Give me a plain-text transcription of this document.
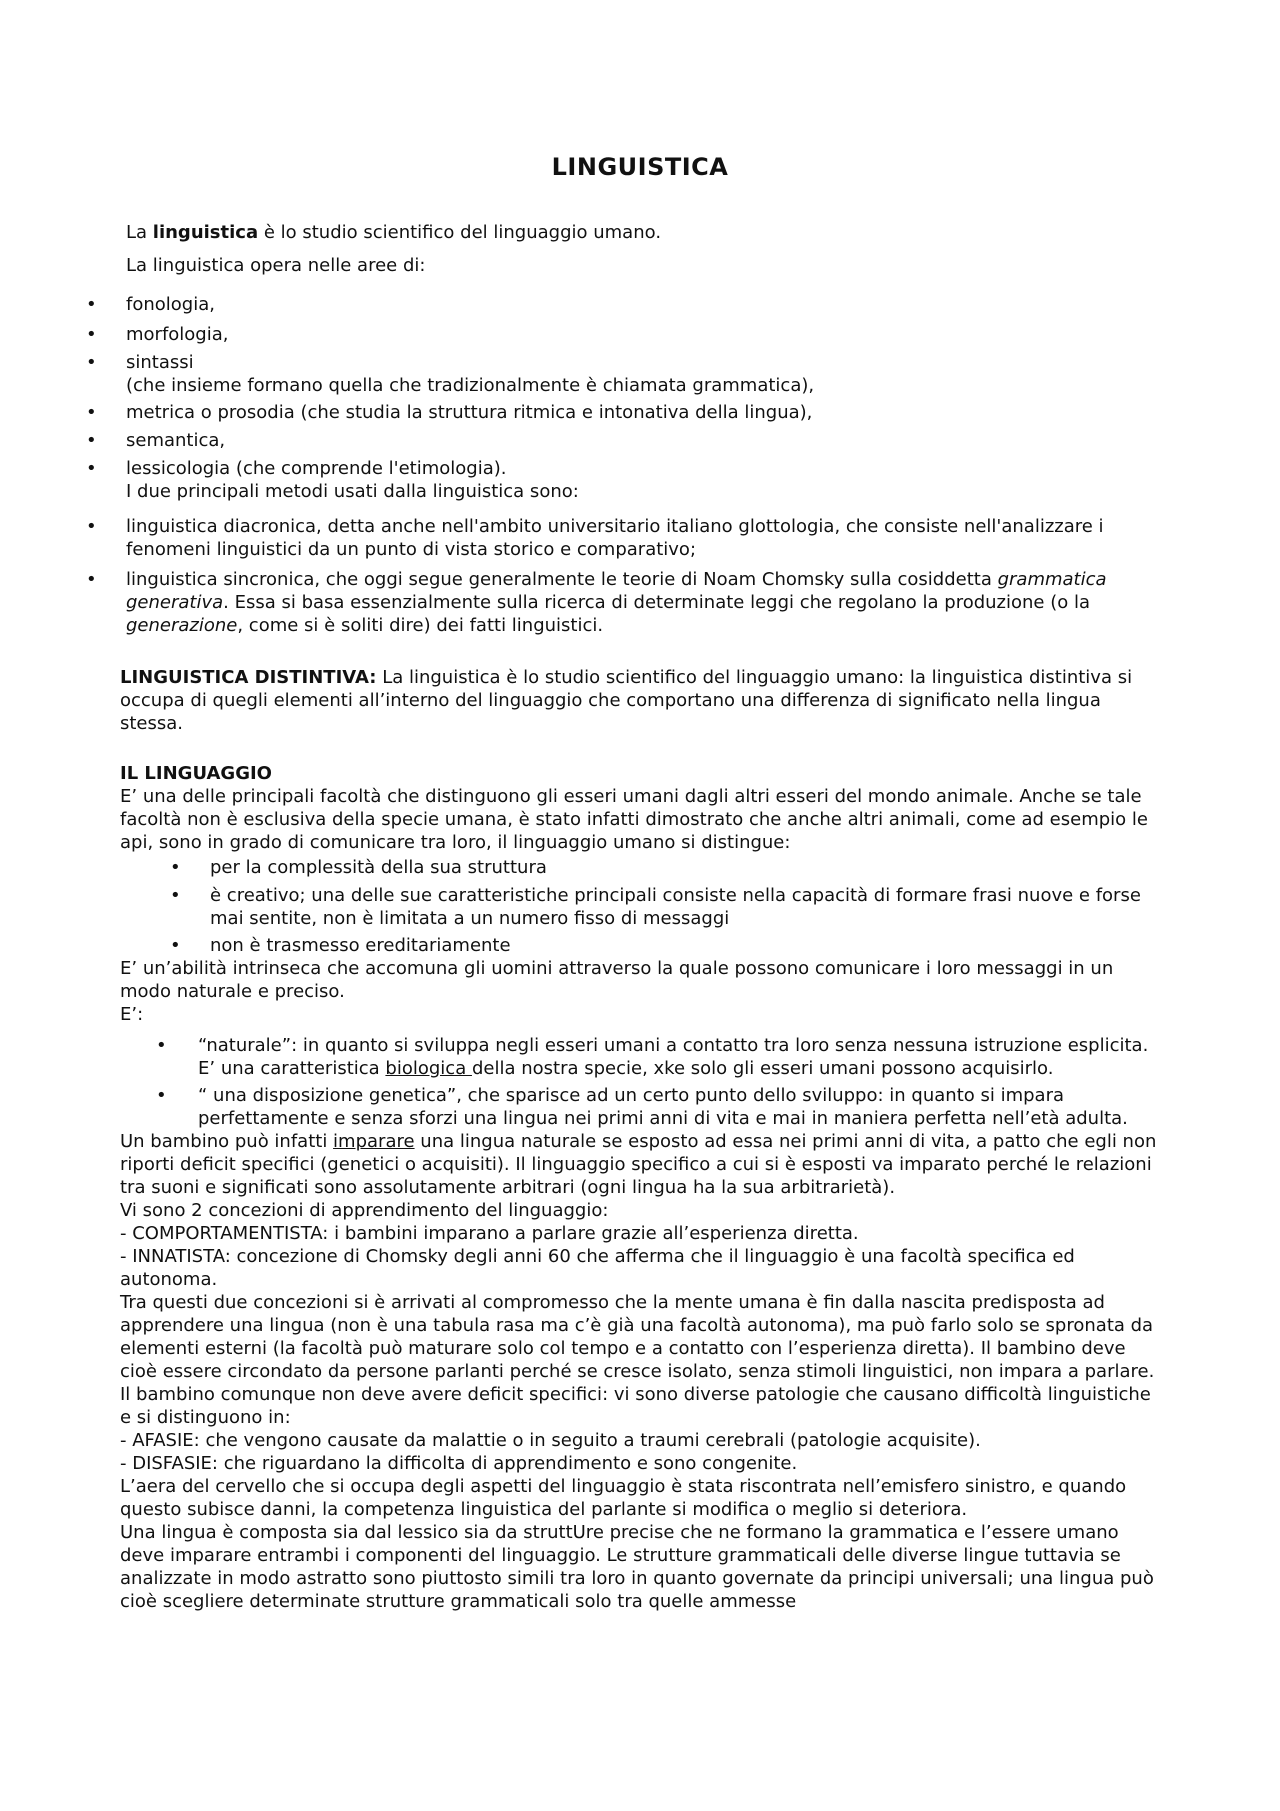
LINGUISTICA

La linguistica è lo studio scientifico del linguaggio umano.

La linguistica opera nelle aree di:

• fonologia,
• morfologia,
• sintassi
(che insieme formano quella che tradizionalmente è chiamata grammatica),
• metrica o prosodia (che studia la struttura ritmica e intonativa della lingua),
• semantica,
• lessicologia (che comprende l'etimologia).
I due principali metodi usati dalla linguistica sono:
• linguistica diacronica, detta anche nell'ambito universitario italiano glottologia, che consiste nell'analizzare i fenomeni linguistici da un punto di vista storico e comparativo;
• linguistica sincronica, che oggi segue generalmente le teorie di Noam Chomsky sulla cosiddetta grammatica generativa. Essa si basa essenzialmente sulla ricerca di determinate leggi che regolano la produzione (o la generazione, come si è soliti dire) dei fatti linguistici.

LINGUISTICA DISTINTIVA: La linguistica è lo studio scientifico del linguaggio umano: la linguistica distintiva si occupa di quegli elementi all’interno del linguaggio che comportano una differenza di significato nella lingua stessa.

IL LINGUAGGIO

E’ una delle principali facoltà che distinguono gli esseri umani dagli altri esseri del mondo animale. Anche se tale facoltà non è esclusiva della specie umana, è stato infatti dimostrato che anche altri animali, come ad esempio le api, sono in grado di comunicare tra loro, il linguaggio umano si distingue:

• per la complessità della sua struttura
• è creativo; una delle sue caratteristiche principali consiste nella capacità di formare frasi nuove e forse mai sentite, non è limitata a un numero fisso di messaggi
• non è trasmesso ereditariamente

E’ un’abilità intrinseca che accomuna gli uomini attraverso la quale possono comunicare i loro messaggi in un modo naturale e preciso.

E’:

• “naturale”: in quanto si sviluppa negli esseri umani a contatto tra loro senza nessuna istruzione esplicita. E’ una caratteristica biologica della nostra specie, xke solo gli esseri umani possono acquisirlo.
• “ una disposizione genetica”, che sparisce ad un certo punto dello sviluppo: in quanto si impara perfettamente e senza sforzi una lingua nei primi anni di vita e mai in maniera perfetta nell’età adulta.

Un bambino può infatti imparare una lingua naturale se esposto ad essa nei primi anni di vita, a patto che egli non riporti deficit specifici (genetici o acquisiti). Il linguaggio specifico a cui si è esposti va imparato perché le relazioni tra suoni e significati sono assolutamente arbitrari (ogni lingua ha la sua arbitrarietà).

Vi sono 2 concezioni di apprendimento del linguaggio:

- COMPORTAMENTISTA: i bambini imparano a parlare grazie all’esperienza diretta.

- INNATISTA: concezione di Chomsky degli anni 60 che afferma che il linguaggio è una facoltà specifica ed autonoma.

Tra questi due concezioni si è arrivati al compromesso che la mente umana è fin dalla nascita predisposta ad apprendere una lingua (non è una tabula rasa ma c’è già una facoltà autonoma), ma può farlo solo se spronata da elementi esterni (la facoltà può maturare solo col tempo e a contatto con l’esperienza diretta). Il bambino deve cioè essere circondato da persone parlanti perché se cresce isolato, senza stimoli linguistici, non impara a parlare.

Il bambino comunque non deve avere deficit specifici: vi sono diverse patologie che causano difficoltà linguistiche e si distinguono in:

- AFASIE: che vengono causate da malattie o in seguito a traumi cerebrali (patologie acquisite).

- DISFASIE: che riguardano la difficolta di apprendimento e sono congenite.

L’aera del cervello che si occupa degli aspetti del linguaggio è stata riscontrata nell’emisfero sinistro, e quando questo subisce danni, la competenza linguistica del parlante si modifica o meglio si deteriora.

Una lingua è composta sia dal lessico sia da struttUre precise che ne formano la grammatica e l’essere umano deve imparare entrambi i componenti del linguaggio. Le strutture grammaticali delle diverse lingue tuttavia se analizzate in modo astratto sono piuttosto simili tra loro in quanto governate da principi universali; una lingua può cioè scegliere determinate strutture grammaticali solo tra quelle ammesse
